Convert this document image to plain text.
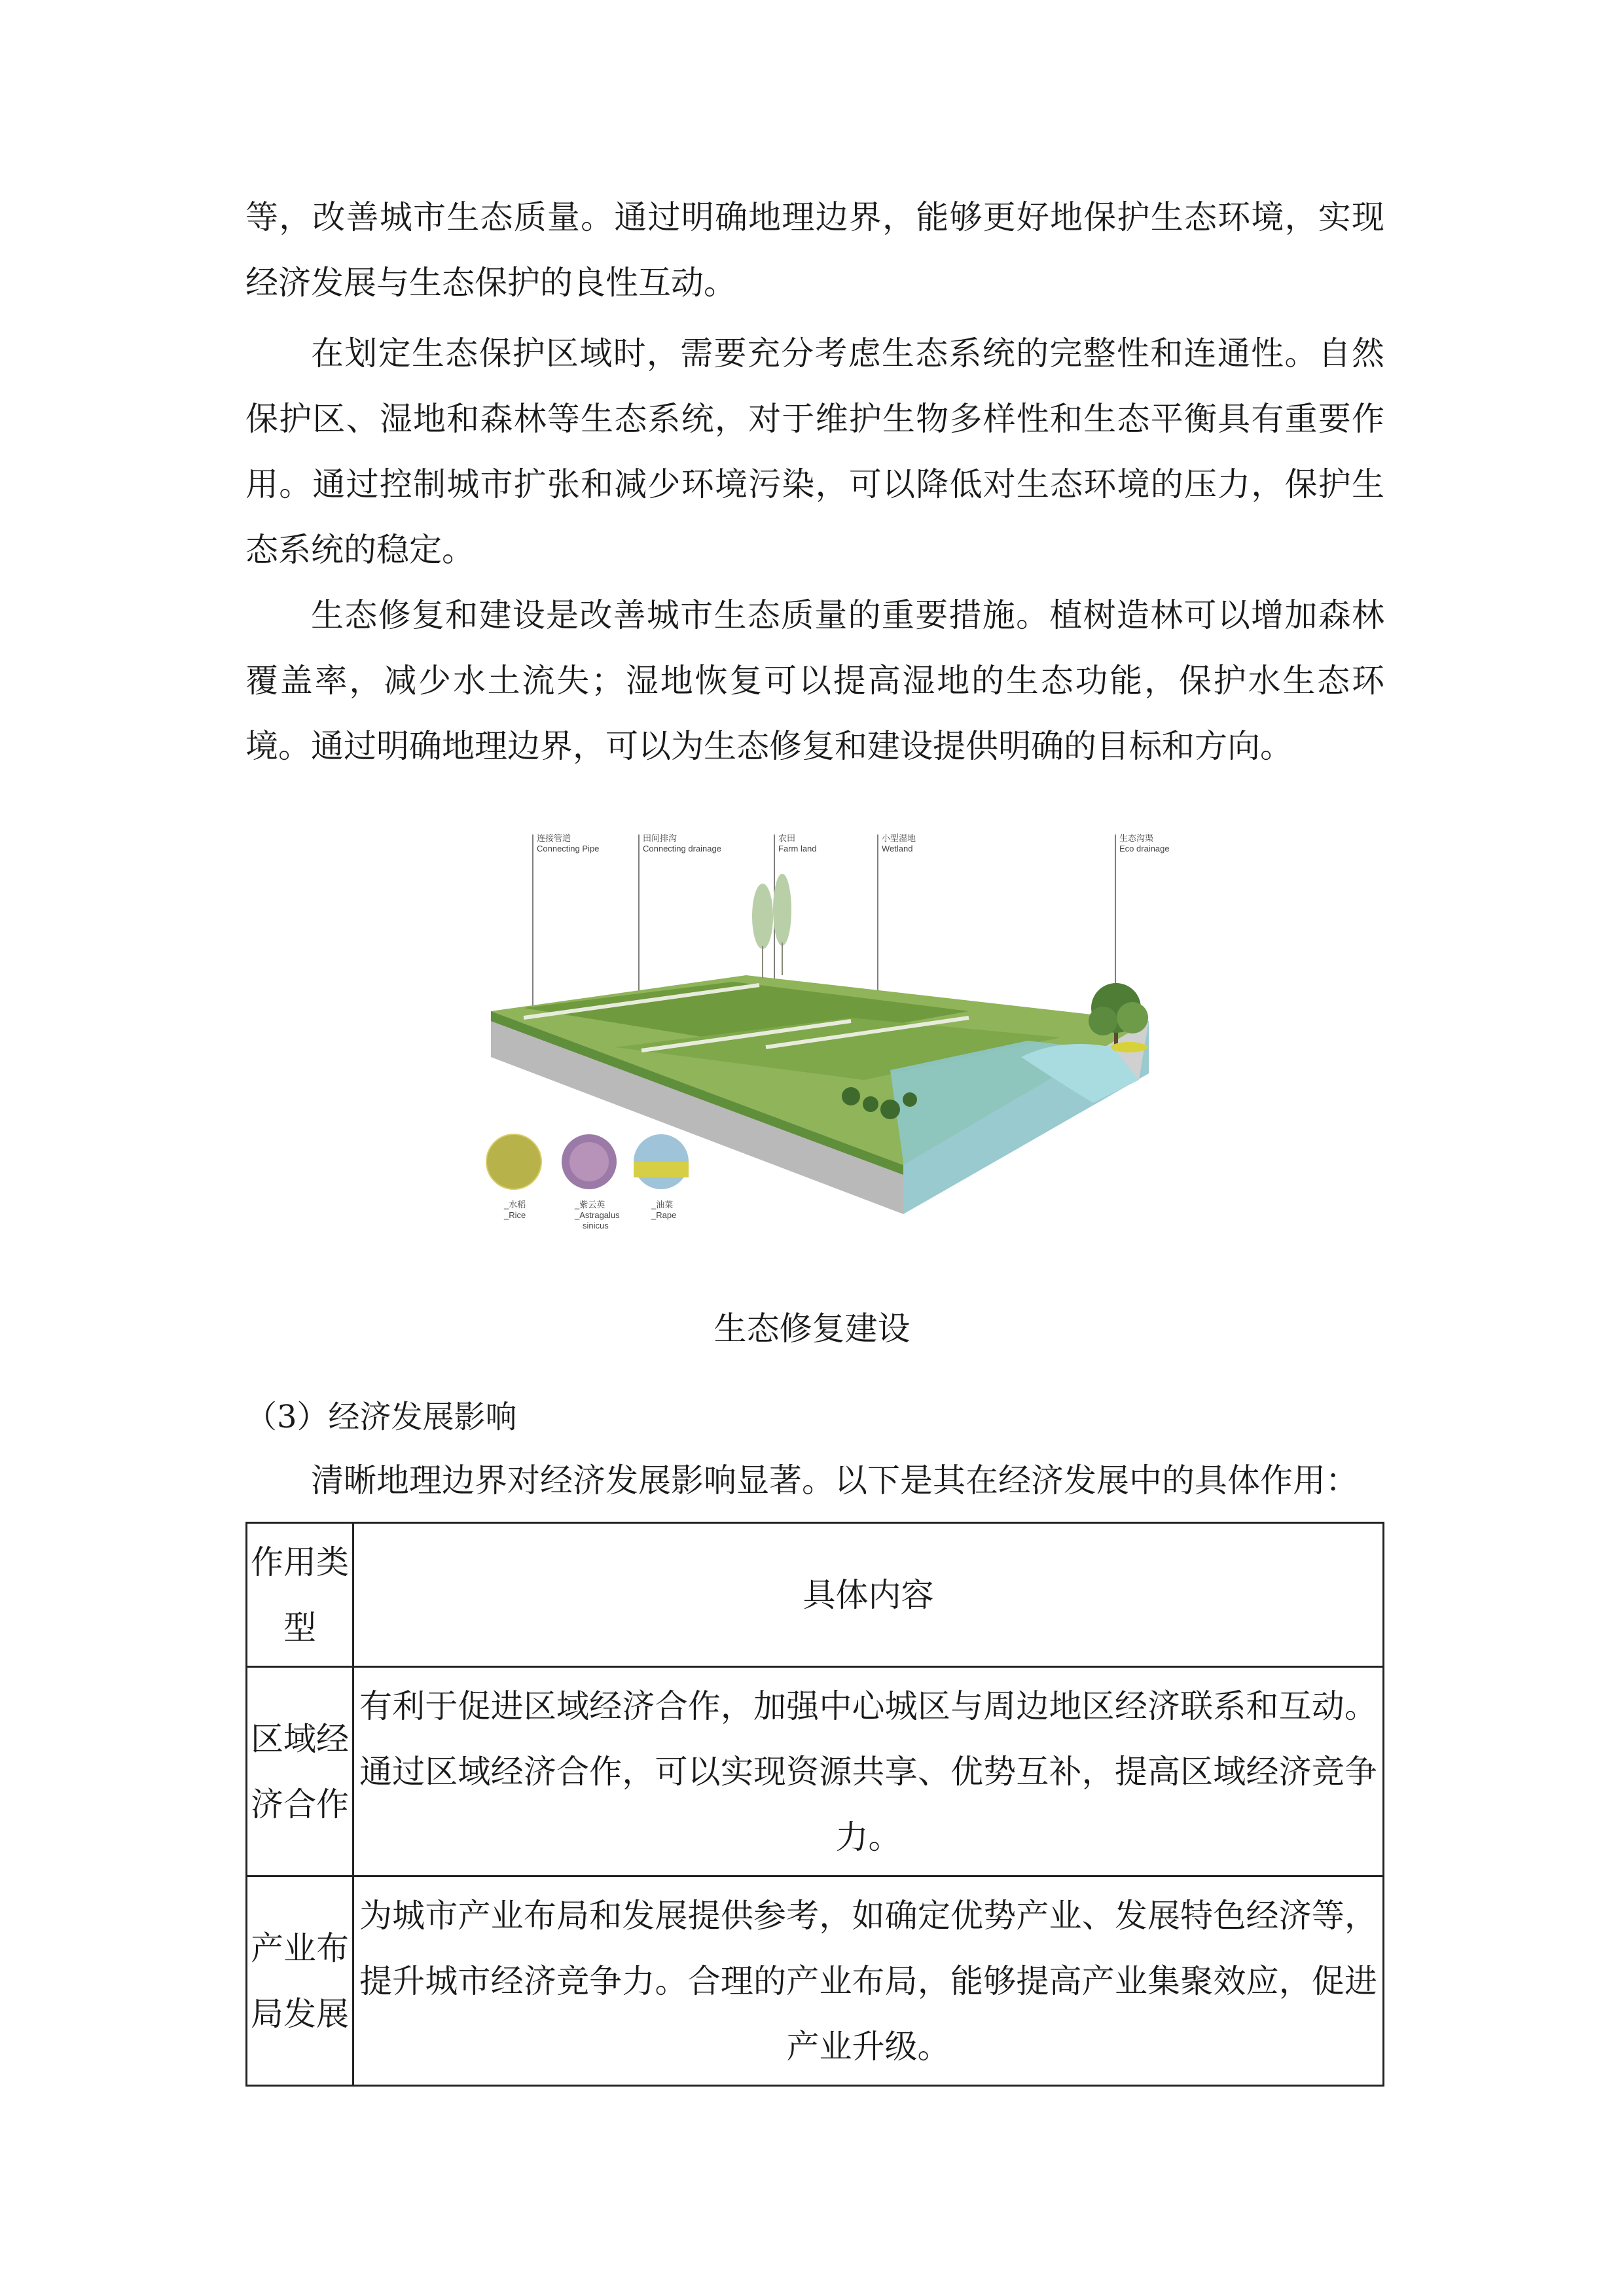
等，改善城市生态质量。通过明确地理边界，能够更好地保护生态环境，实现经济发展与生态保护的良性互动。

在划定生态保护区域时，需要充分考虑生态系统的完整性和连通性。自然保护区、湿地和森林等生态系统，对于维护生物多样性和生态平衡具有重要作用。通过控制城市扩张和减少环境污染，可以降低对生态环境的压力，保护生态系统的稳定。

生态修复和建设是改善城市生态质量的重要措施。植树造林可以增加森林覆盖率，减少水土流失；湿地恢复可以提高湿地的生态功能，保护水生态环境。通过明确地理边界，可以为生态修复和建设提供明确的目标和方向。

连接管道
Connecting Pipe
田间排沟
Connecting drainage
农田
Farm land
小型湿地
Wetland
生态沟渠
Eco drainage
_水稻
_Rice
_紫云英
_Astragalus
sinicus
_油菜
_Rape
生态修复建设
（3）经济发展影响
清晰地理边界对经济发展影响显著。以下是其在经济发展中的具体作用：
作用类型	具体内容
区域经济合作	有利于促进区域经济合作，加强中心城区与周边地区经济联系和互动。通过区域经济合作，可以实现资源共享、优势互补，提高区域经济竞争力。
产业布局发展	为城市产业布局和发展提供参考，如确定优势产业、发展特色经济等，提升城市经济竞争力。合理的产业布局，能够提高产业集聚效应，促进产业升级。
